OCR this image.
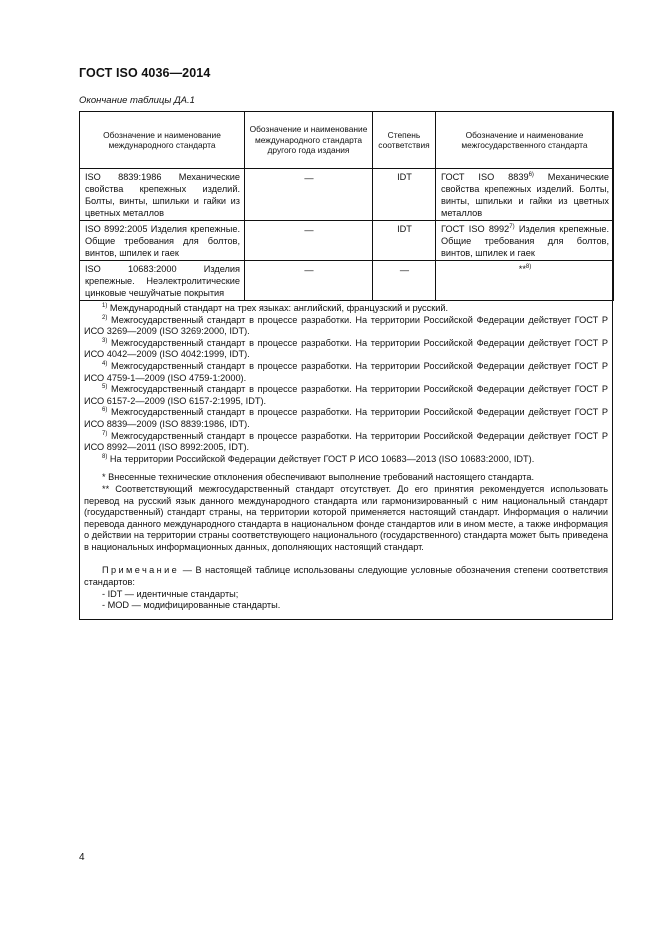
ГОСТ ISO 4036—2014
Окончание таблицы ДА.1
Обозначение и наименование международного стандарта	Обозначение и наименование международного стандарта другого года издания	Степень соответствия	Обозначение и наименование межгосударственного стандарта
ISO 8839:1986 Механические свойства крепежных изделий. Болты, винты, шпильки и гайки из цветных металлов	—	IDT	ГОСТ ISO 8839$^{6)}$ Механические свойства крепежных изделий. Болты, винты, шпильки и гайки из цветных металлов
ISO 8992:2005 Изделия крепежные. Общие требования для болтов, винтов, шпилек и гаек	—	IDT	ГОСТ ISO 8992$^{7)}$ Изделия крепежные. Общие требования для болтов, винтов, шпилек и гаек
ISO 10683:2000 Изделия крепежные. Неэлектролитические цинковые чешуйчатые покрытия	—	—	**$^{8)}$

$^{1)}$ Международный стандарт на трех языках: английский, французский и русский.

$^{2)}$ Межгосударственный стандарт в процессе разработки. На территории Российской Федерации действует ГОСТ Р ИСО 3269—2009 (ISO 3269:2000, IDT).

$^{3)}$ Межгосударственный стандарт в процессе разработки. На территории Российской Федерации действует ГОСТ Р ИСО 4042—2009 (ISO 4042:1999, IDT).

$^{4)}$ Межгосударственный стандарт в процессе разработки. На территории Российской Федерации действует ГОСТ Р ИСО 4759-1—2009 (ISO 4759-1:2000).

$^{5)}$ Межгосударственный стандарт в процессе разработки. На территории Российской Федерации действует ГОСТ Р ИСО 6157-2—2009 (ISO 6157-2:1995, IDT).

$^{6)}$ Межгосударственный стандарт в процессе разработки. На территории Российской Федерации действует ГОСТ Р ИСО 8839—2009 (ISO 8839:1986, IDT).

$^{7)}$ Межгосударственный стандарт в процессе разработки. На территории Российской Федерации действует ГОСТ Р ИСО 8992—2011 (ISO 8992:2005, IDT).

$^{8)}$ На территории Российской Федерации действует ГОСТ Р ИСО 10683—2013 (ISO 10683:2000, IDT).

* Внесенные технические отклонения обеспечивают выполнение требований настоящего стандарта.

** Соответствующий межгосударственный стандарт отсутствует. До его принятия рекомендуется использовать перевод на русский язык данного международного стандарта или гармонизированный с ним национальный стандарт (государственный) стандарт страны, на территории которой применяется настоящий стандарт. Информация о наличии перевода данного международного стандарта в национальном фонде стандартов или в ином месте, а также информация о действии на территории страны соответствующего национального (государственного) стандарта может быть приведена в национальных информационных данных, дополняющих настоящий стандарт.

Примечание — В настоящей таблице использованы следующие условные обозначения степени соответствия стандартов:

- IDT — идентичные стандарты;

- MOD — модифицированные стандарты.

4
